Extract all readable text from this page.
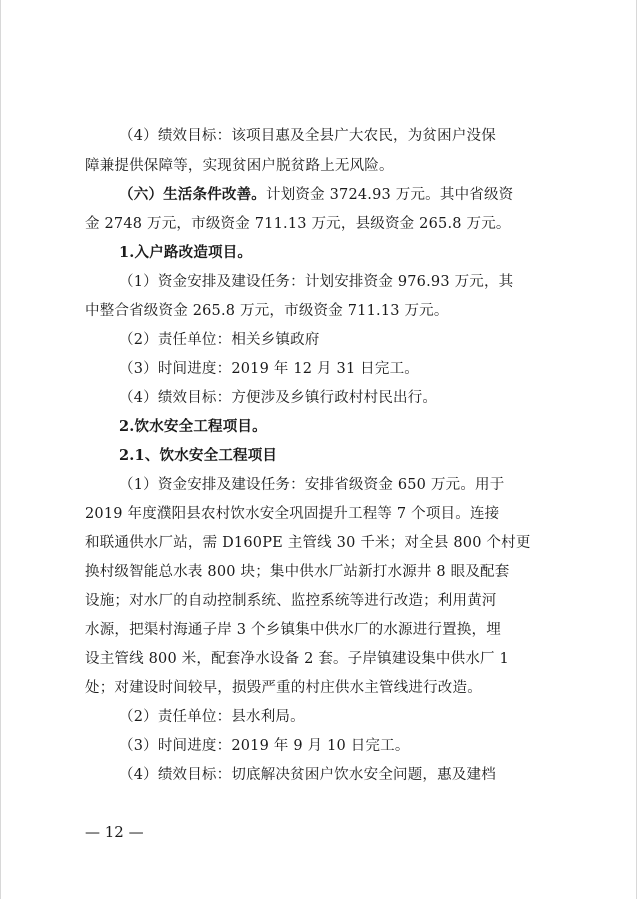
（4）绩效目标：该项目惠及全县广大农民，为贫困户没保
障兼提供保障等，实现贫困户脱贫路上无风险。
（六）生活条件改善。计划资金 3724.93 万元。其中省级资
金 2748 万元，市级资金 711.13 万元，县级资金 265.8 万元。
1.入户路改造项目。
（1）资金安排及建设任务：计划安排资金 976.93 万元，其
中整合省级资金 265.8 万元，市级资金 711.13 万元。
（2）责任单位：相关乡镇政府
（3）时间进度：2019 年 12 月 31 日完工。
（4）绩效目标：方便涉及乡镇行政村村民出行。
2.饮水安全工程项目。
2.1、饮水安全工程项目
（1）资金安排及建设任务：安排省级资金 650 万元。用于
2019 年度濮阳县农村饮水安全巩固提升工程等 7 个项目。连接
和联通供水厂站，需 D160PE 主管线 30 千米；对全县 800 个村更
换村级智能总水表 800 块；集中供水厂站新打水源井 8 眼及配套
设施；对水厂的自动控制系统、监控系统等进行改造；利用黄河
水源，把渠村海通子岸 3 个乡镇集中供水厂的水源进行置换，埋
设主管线 800 米，配套净水设备 2 套。子岸镇建设集中供水厂 1
处；对建设时间较早，损毁严重的村庄供水主管线进行改造。
（2）责任单位：县水利局。
（3）时间进度：2019 年 9 月 10 日完工。
（4）绩效目标：切底解决贫困户饮水安全问题，惠及建档
— 12 —
